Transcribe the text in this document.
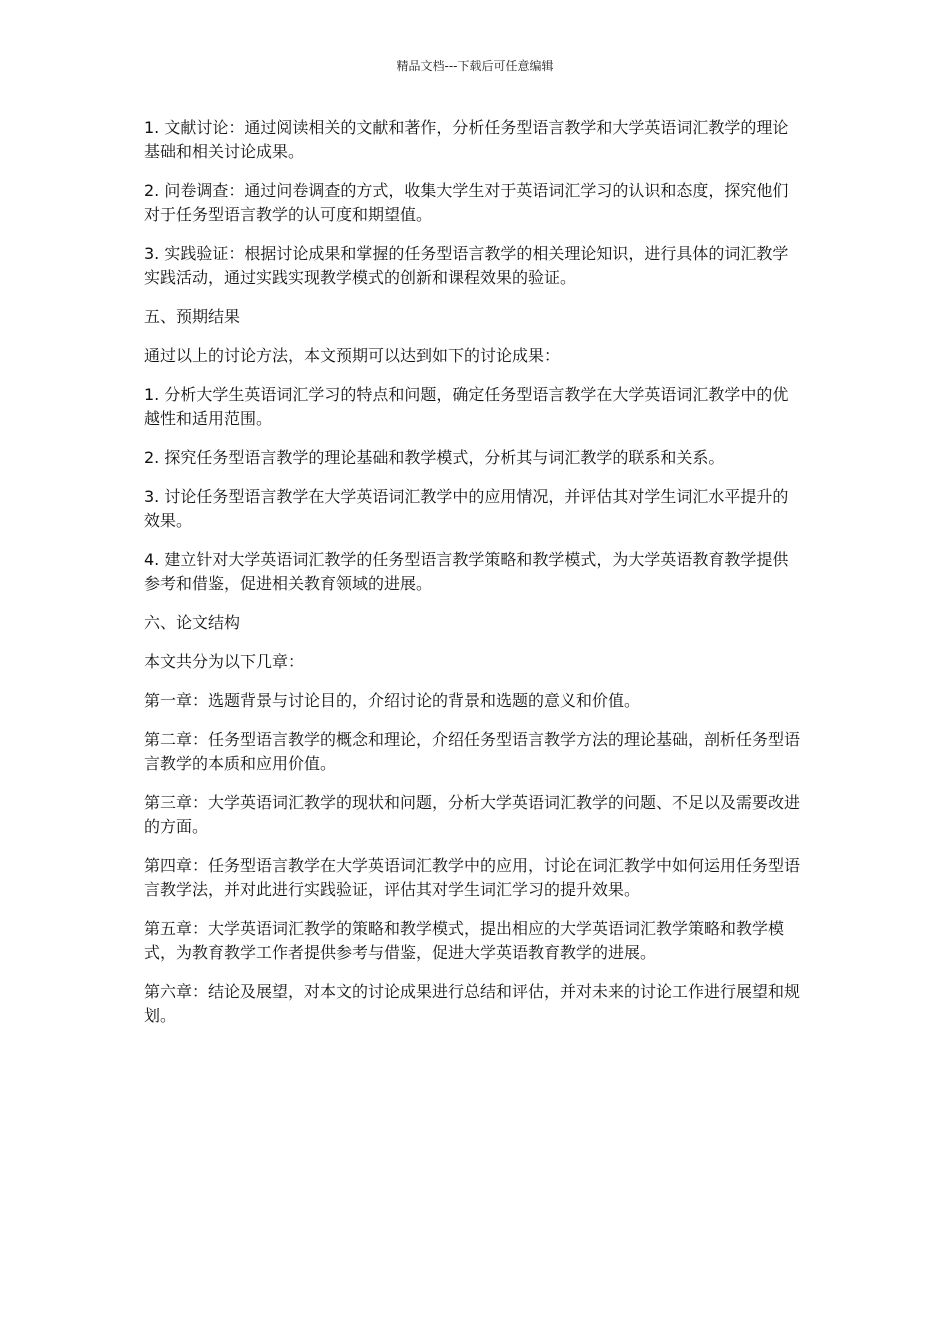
精品文档---下载后可任意编辑

1. 文献讨论：通过阅读相关的文献和著作，分析任务型语言教学和大学英语词汇教学的理论基础和相关讨论成果。

2. 问卷调查：通过问卷调查的方式，收集大学生对于英语词汇学习的认识和态度，探究他们对于任务型语言教学的认可度和期望值。

3. 实践验证：根据讨论成果和掌握的任务型语言教学的相关理论知识，进行具体的词汇教学实践活动，通过实践实现教学模式的创新和课程效果的验证。

五、预期结果

通过以上的讨论方法，本文预期可以达到如下的讨论成果：

1. 分析大学生英语词汇学习的特点和问题，确定任务型语言教学在大学英语词汇教学中的优 越性和适用范围。

2. 探究任务型语言教学的理论基础和教学模式，分析其与词汇教学的联系和关系。

3. 讨论任务型语言教学在大学英语词汇教学中的应用情况，并评估其对学生词汇水平提升的效果。

4. 建立针对大学英语词汇教学的任务型语言教学策略和教学模式，为大学英语教育教学提供 参考和借鉴，促进相关教育领域的进展。

六、论文结构

本文共分为以下几章：

第一章：选题背景与讨论目的，介绍讨论的背景和选题的意义和价值。

第二章：任务型语言教学的概念和理论，介绍任务型语言教学方法的理论基础，剖析任务型语言教学的本质和应用价值。

第三章：大学英语词汇教学的现状和问题，分析大学英语词汇教学的问题、不足以及需要改进的方面。

第四章：任务型语言教学在大学英语词汇教学中的应用，讨论在词汇教学中如何运用任务型语言教学法，并对此进行实践验证，评估其对学生词汇学习的提升效果。

第五章：大学英语词汇教学的策略和教学模式，提出相应的大学英语词汇教学策略和教学模式，为教育教学工作者提供参考与借鉴，促进大学英语教育教学的进展。

第六章：结论及展望，对本文的讨论成果进行总结和评估，并对未来的讨论工作进行展望和规划。
